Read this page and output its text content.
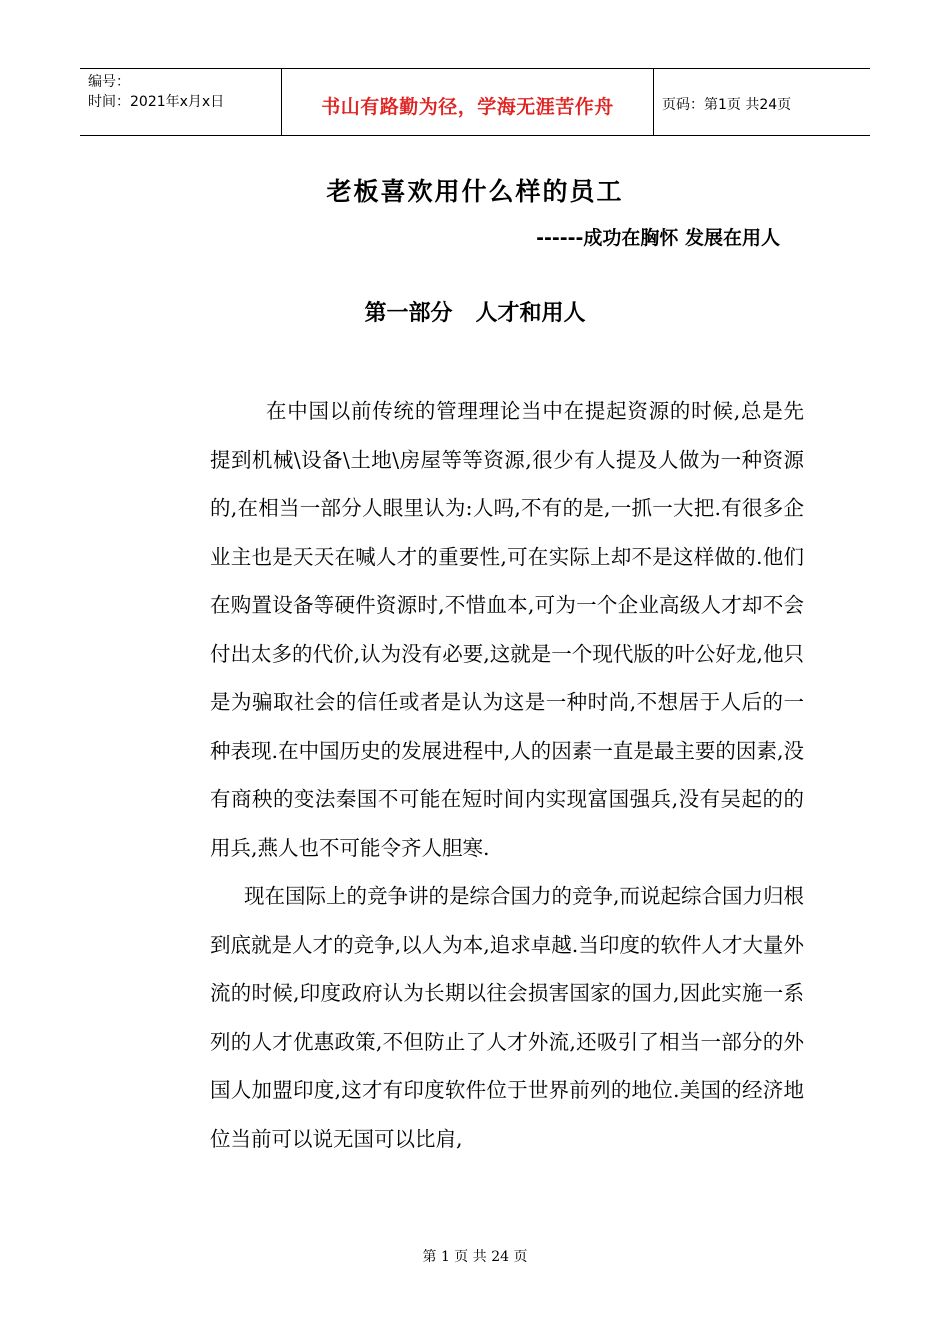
编号：
时间：2021年x月x日	书山有路勤为径，学海无涯苦作舟	页码：第1页 共24页
老板喜欢用什么样的员工
------成功在胸怀 发展在用人
第一部分   人才和用人

在中国以前传统的管理理论当中在提起资源的时候,总是先提到机械\设备\土地\房屋等等资源,很少有人提及人做为一种资源的,在相当一部分人眼里认为:人吗,不有的是,一抓一大把.有很多企业主也是天天在喊人才的重要性,可在实际上却不是这样做的.他们在购置设备等硬件资源时,不惜血本,可为一个企业高级人才却不会付出太多的代价,认为没有必要,这就是一个现代版的叶公好龙,他只是为骗取社会的信任或者是认为这是一种时尚,不想居于人后的一种表现.在中国历史的发展进程中,人的因素一直是最主要的因素,没有商秧的变法秦国不可能在短时间内实现富国强兵,没有吴起的的用兵,燕人也不可能令齐人胆寒.

现在国际上的竞争讲的是综合国力的竞争,而说起综合国力归根到底就是人才的竞争,以人为本,追求卓越.当印度的软件人才大量外流的时候,印度政府认为长期以往会损害国家的国力,因此实施一系列的人才优惠政策,不但防止了人才外流,还吸引了相当一部分的外国人加盟印度,这才有印度软件位于世界前列的地位.美国的经济地位当前可以说无国可以比肩,

第 1 页 共 24 页
